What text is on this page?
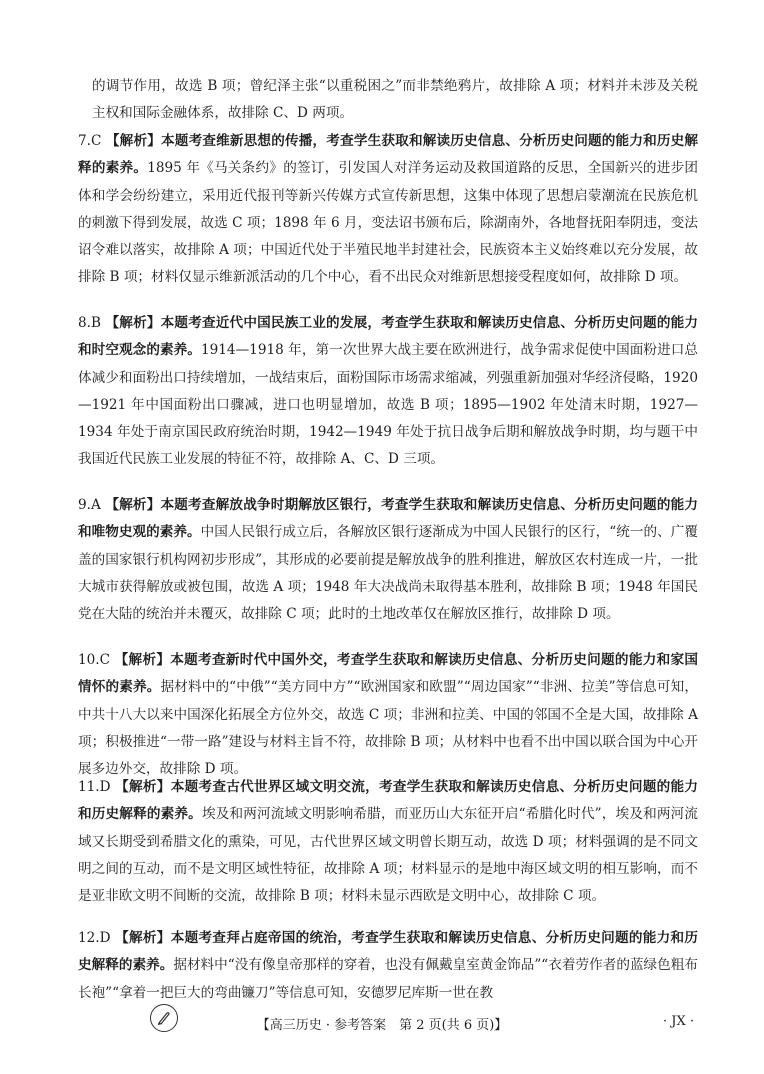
的调节作用，故选 B 项；曾纪泽主张“以重税困之”而非禁绝鸦片，故排除 A 项；材料并未涉及关税主权和国际金融体系，故排除 C、D 两项。
7.C 【解析】本题考查维新思想的传播，考查学生获取和解读历史信息、分析历史问题的能力和历史解释的素养。1895 年《马关条约》的签订，引发国人对洋务运动及救国道路的反思，全国新兴的进步团体和学会纷纷建立，采用近代报刊等新兴传媒方式宣传新思想，这集中体现了思想启蒙潮流在民族危机的刺激下得到发展，故选 C 项；1898 年 6 月，变法诏书颁布后，除湖南外，各地督抚阳奉阴违，变法诏令难以落实，故排除 A 项；中国近代处于半殖民地半封建社会，民族资本主义始终难以充分发展，故排除 B 项；材料仅显示维新派活动的几个中心，看不出民众对维新思想接受程度如何，故排除 D 项。
8.B 【解析】本题考查近代中国民族工业的发展，考查学生获取和解读历史信息、分析历史问题的能力和时空观念的素养。1914—1918 年，第一次世界大战主要在欧洲进行，战争需求促使中国面粉进口总体减少和面粉出口持续增加，一战结束后，面粉国际市场需求缩减，列强重新加强对华经济侵略，1920—1921 年中国面粉出口骤减，进口也明显增加，故选 B 项；1895—1902 年处清末时期，1927—1934 年处于南京国民政府统治时期，1942—1949 年处于抗日战争后期和解放战争时期，均与题干中我国近代民族工业发展的特征不符，故排除 A、C、D 三项。
9.A 【解析】本题考查解放战争时期解放区银行，考查学生获取和解读历史信息、分析历史问题的能力和唯物史观的素养。中国人民银行成立后，各解放区银行逐渐成为中国人民银行的区行，“统一的、广覆盖的国家银行机构网初步形成”，其形成的必要前提是解放战争的胜利推进，解放区农村连成一片，一批大城市获得解放或被包围，故选 A 项；1948 年大决战尚未取得基本胜利，故排除 B 项；1948 年国民党在大陆的统治并未覆灭，故排除 C 项；此时的土地改革仅在解放区推行，故排除 D 项。
10.C 【解析】本题考查新时代中国外交，考查学生获取和解读历史信息、分析历史问题的能力和家国情怀的素养。据材料中的“中俄”“美方同中方”“欧洲国家和欧盟”“周边国家”“非洲、拉美”等信息可知，中共十八大以来中国深化拓展全方位外交，故选 C 项；非洲和拉美、中国的邻国不全是大国，故排除 A 项；积极推进“一带一路”建设与材料主旨不符，故排除 B 项；从材料中也看不出中国以联合国为中心开展多边外交，故排除 D 项。
11.D 【解析】本题考查古代世界区域文明交流，考查学生获取和解读历史信息、分析历史问题的能力和历史解释的素养。埃及和两河流域文明影响希腊，而亚历山大东征开启“希腊化时代”，埃及和两河流域又长期受到希腊文化的熏染，可见，古代世界区域文明曾长期互动，故选 D 项；材料强调的是不同文明之间的互动，而不是文明区域性特征，故排除 A 项；材料显示的是地中海区域文明的相互影响，而不是亚非欧文明不间断的交流，故排除 B 项；材料未显示西欧是文明中心，故排除 C 项。
12.D 【解析】本题考查拜占庭帝国的统治，考查学生获取和解读历史信息、分析历史问题的能力和历史解释的素养。据材料中“没有像皇帝那样的穿着，也没有佩戴皇室黄金饰品”“衣着劳作者的蓝绿色粗布长袍”“拿着一把巨大的弯曲镰刀”等信息可知，安德罗尼库斯一世在教
【高三历史 · 参考答案　第 2 页(共 6 页)】	· JX ·
